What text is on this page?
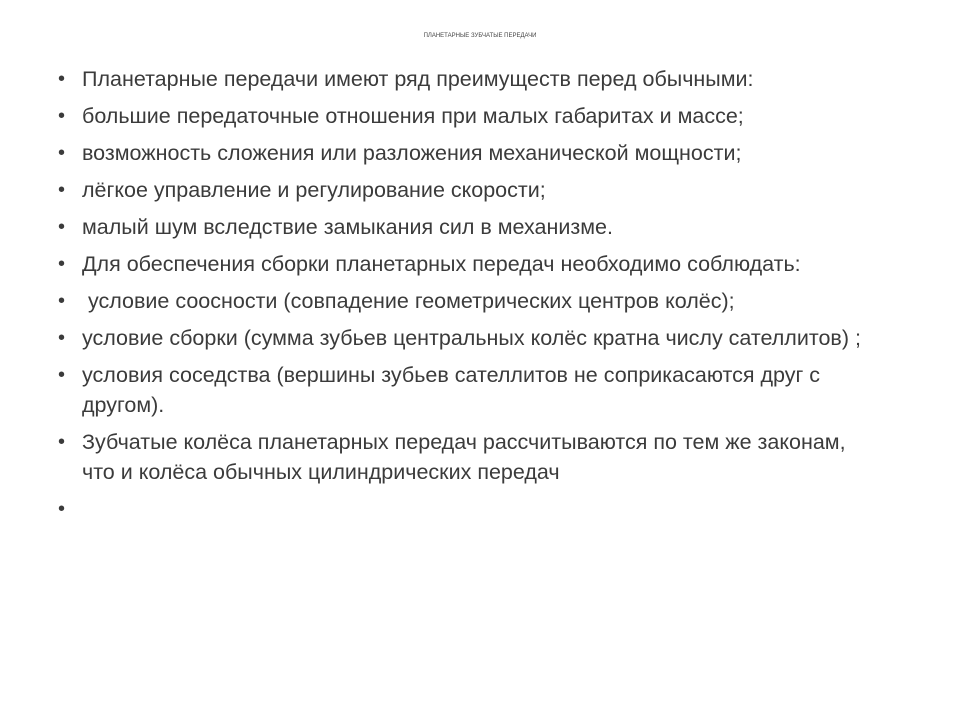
ПЛАНЕТАРНЫЕ ЗУБЧАТЫЕ ПЕРЕДАЧИ
• Планетарные передачи имеют ряд преимуществ перед обычными:
• большие передаточные отношения при малых габаритах и массе;
• возможность сложения или разложения механической мощности;
• лёгкое управление и регулирование скорости;
• малый шум вследствие замыкания сил в механизме.
• Для обеспечения сборки планетарных передач необходимо соблюдать:
• условие соосности (совпадение геометрических центров колёс);
• условие сборки (сумма зубьев центральных колёс кратна числу сателлитов) ;
• условия соседства (вершины зубьев сателлитов не соприкасаются друг с другом).
• Зубчатые колёса планетарных передач рассчитываются по тем же законам, что и колёса обычных цилиндрических передач
•
